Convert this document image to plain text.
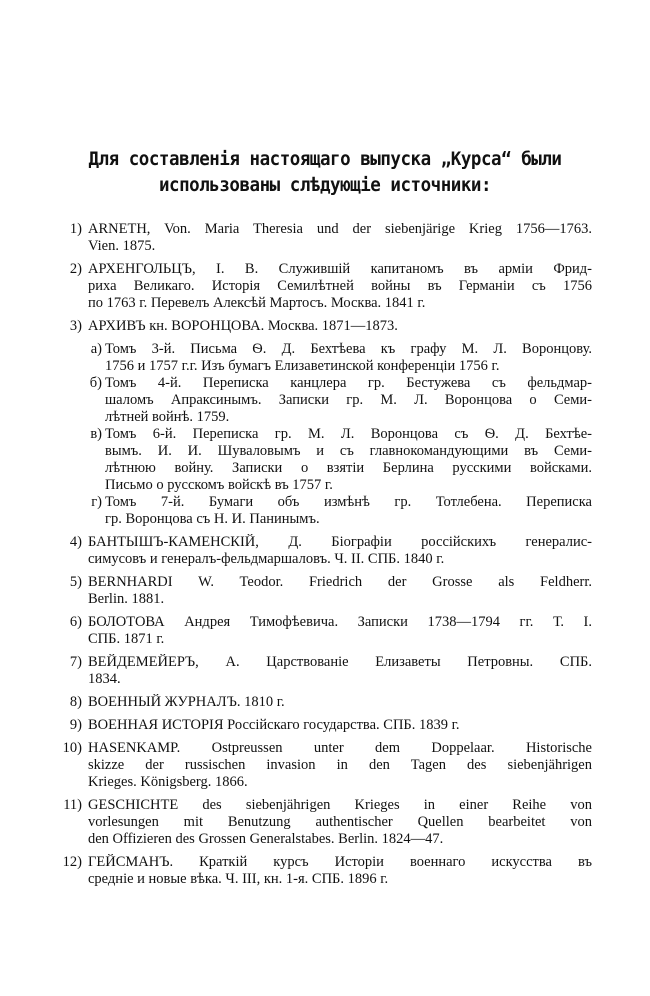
Для составленія настоящаго выпуска „Курса“ были
использованы слѣдующіе источники:
1) ARNETH, Von. Maria Theresia und der siebenjärige Krieg 1756—1763.
Vien. 1875.
2) АРХЕНГОЛЬЦЪ, I. В. Служившій капитаномъ въ арміи Фрид-
риха Великаго. Исторія Семилѣтней войны въ Германіи съ 1756
по 1763 г. Перевелъ Алексѣй Мартосъ. Москва. 1841 г.
3) АРХИВЪ кн. ВОРОНЦОВА. Москва. 1871—1873.
а) Томъ 3-й. Письма Ѳ. Д. Бехтѣева къ графу М. Л. Воронцову.
1756 и 1757 г.г. Изъ бумагъ Елизаветинской конференціи 1756 г.
б) Томъ 4-й. Переписка канцлера гр. Бестужева съ фельдмар-
шаломъ Апраксинымъ. Записки гр. М. Л. Воронцова о Семи-
лѣтней войнѣ. 1759.
в) Томъ 6-й. Переписка гр. М. Л. Воронцова съ Ѳ. Д. Бехтѣе-
вымъ. И. И. Шуваловымъ и съ главнокомандующими въ Семи-
лѣтнюю войну. Записки о взятіи Берлина русскими войсками.
Письмо о русскомъ войскѣ въ 1757 г.
г) Томъ 7-й. Бумаги объ измѣнѣ гр. Тотлебена. Переписка
гр. Воронцова съ Н. И. Панинымъ.
4) БАНТЫШЪ-КАМЕНСКІЙ, Д. Біографіи россійскихъ генералис-
симусовъ и генералъ-фельдмаршаловъ. Ч. II. СПБ. 1840 г.
5) BERNHARDI W. Teodor. Friedrich der Grosse als Feldherr.
Berlin. 1881.
6) БОЛОТОВА Андрея Тимофѣевича. Записки 1738—1794 гг. Т. I.
СПБ. 1871 г.
7) ВЕЙДЕМЕЙЕРЪ, А. Царствованіе Елизаветы Петровны. СПБ.
1834.
8) ВОЕННЫЙ ЖУРНАЛЪ. 1810 г.
9) ВОЕННАЯ ИСТОРІЯ Россійскаго государства. СПБ. 1839 г.
10) HASENKAMP. Ostpreussen unter dem Doppelaar. Historische
skizze der russischen invasion in den Tagen des siebenjährigen
Krieges. Königsberg. 1866.
11) GESCHICHTE des siebenjährigen Krieges in einer Reihe von
vorlesungen mit Benutzung authentischer Quellen bearbeitet von
den Offizieren des Grossen Generalstabes. Berlin. 1824—47.
12) ГЕЙСМАНЪ. Краткій курсъ Исторіи военнаго искусства въ
средніе и новые вѣка. Ч. III, кн. 1-я. СПБ. 1896 г.
